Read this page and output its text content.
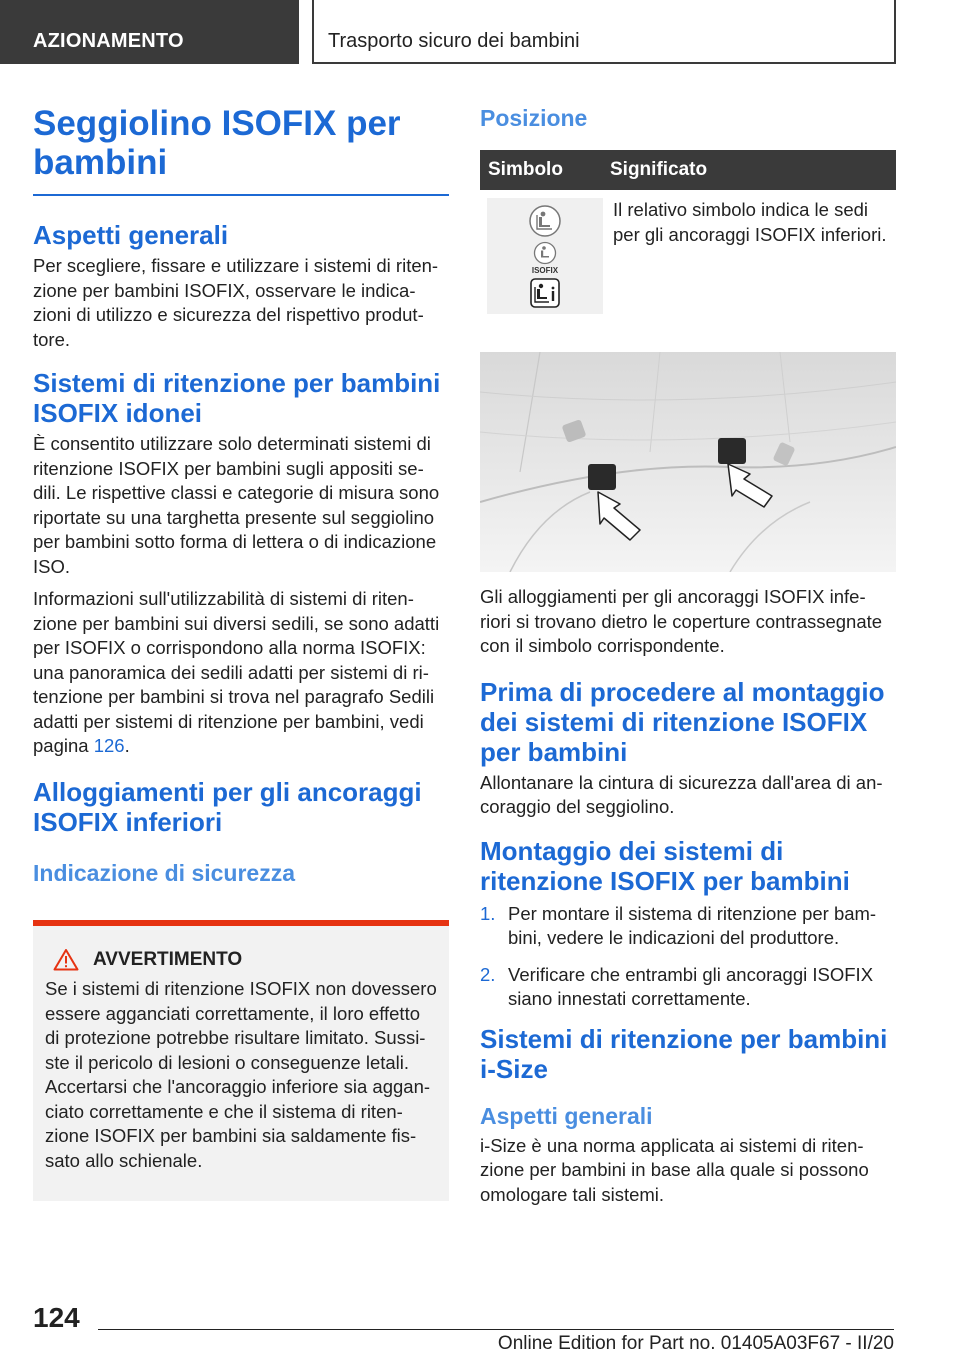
AZIONAMENTO	Trasporto sicuro dei bambini
Seggiolino ISOFIX per bambini
Aspetti generali

Per scegliere, fissare e utilizzare i sistemi di riten-zione per bambini ISOFIX, osservare le indica-zioni di utilizzo e sicurezza del rispettivo produt-tore.

Sistemi di ritenzione per bambini ISOFIX idonei

È consentito utilizzare solo determinati sistemi di ritenzione ISOFIX per bambini sugli appositi se-dili. Le rispettive classi e categorie di misura sono riportate su una targhetta presente sul seggiolino per bambini sotto forma di lettera o di indicazione ISO.

Informazioni sull'utilizzabilità di sistemi di riten-zione per bambini sui diversi sedili, se sono adatti per ISOFIX o corrispondono alla norma ISOFIX: una panoramica dei sedili adatti per sistemi di ri-tenzione per bambini si trova nel paragrafo Sedili adatti per sistemi di ritenzione per bambini, vedi pagina 126.

Alloggiamenti per gli ancoraggi ISOFIX inferiori
Indicazione di sicurezza
AVVERTIMENTO

Se i sistemi di ritenzione ISOFIX non dovessero essere agganciati correttamente, il loro effetto di protezione potrebbe risultare limitato. Sussi-ste il pericolo di lesioni o conseguenze letali. Accertarsi che l'ancoraggio inferiore sia aggan-ciato correttamente e che il sistema di riten-zione ISOFIX per bambini sia saldamente fis-sato allo schienale.

Posizione
Simbolo	Significato
ISOFIX
Il relativo simbolo indica le sedi per gli ancoraggi ISOFIX inferiori.

Gli alloggiamenti per gli ancoraggi ISOFIX infe-riori si trovano dietro le coperture contrassegnate con il simbolo corrispondente.

Prima di procedere al montaggio dei sistemi di ritenzione ISOFIX per bambini

Allontanare la cintura di sicurezza dall'area di an-coraggio del seggiolino.

Montaggio dei sistemi di ritenzione ISOFIX per bambini
1. Per montare il sistema di ritenzione per bam-bini, vedere le indicazioni del produttore.
2. Verificare che entrambi gli ancoraggi ISOFIX siano innestati correttamente.
Sistemi di ritenzione per bambini i-Size
Aspetti generali

i-Size è una norma applicata ai sistemi di riten-zione per bambini in base alla quale si possono omologare tali sistemi.

124
Online Edition for Part no. 01405A03F67 - II/20
